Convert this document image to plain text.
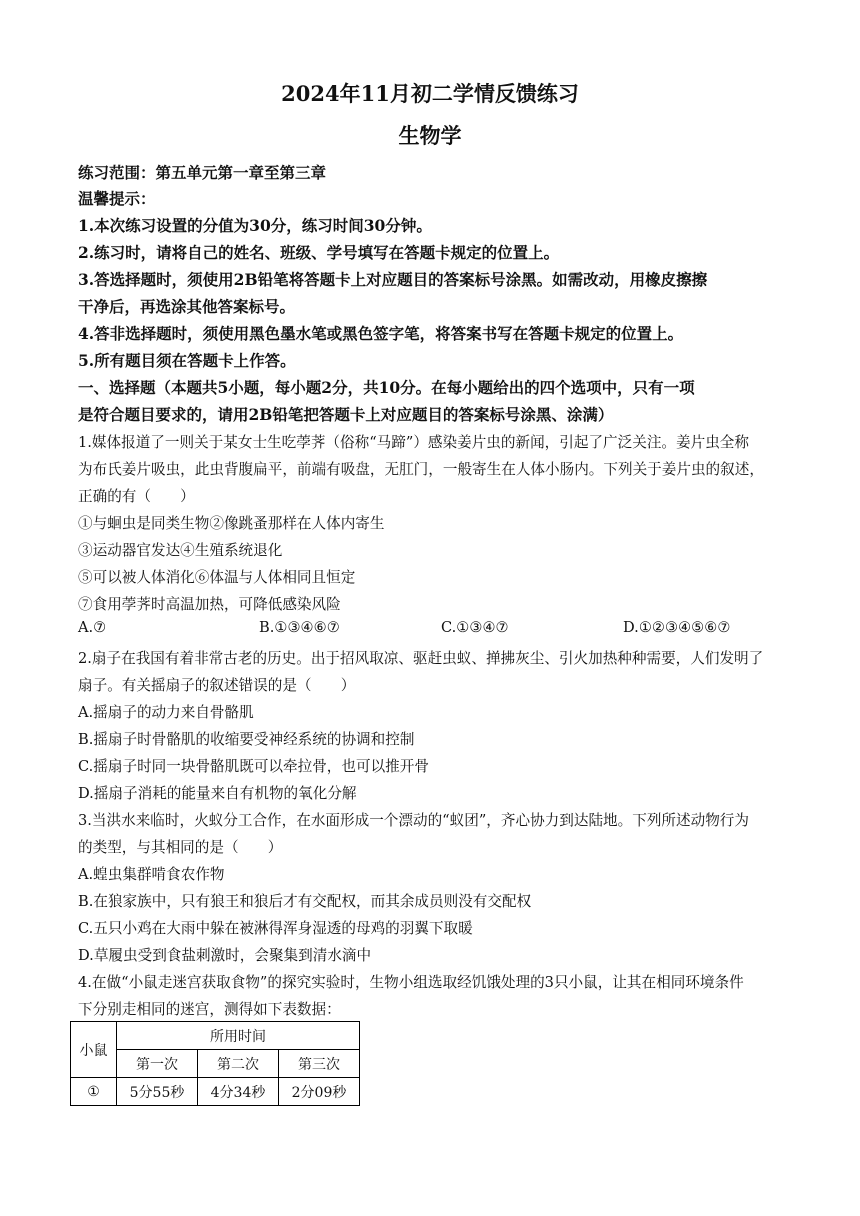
2024年11月初二学情反馈练习
生物学
练习范围：第五单元第一章至第三章
温馨提示：
1.本次练习设置的分值为30分，练习时间30分钟。
2.练习时，请将自己的姓名、班级、学号填写在答题卡规定的位置上。
3.答选择题时，须使用2B铅笔将答题卡上对应题目的答案标号涂黑。如需改动，用橡皮擦擦
干净后，再选涂其他答案标号。
4.答非选择题时，须使用黑色墨水笔或黑色签字笔，将答案书写在答题卡规定的位置上。
5.所有题目须在答题卡上作答。
一、选择题（本题共5小题，每小题2分，共10分。在每小题给出的四个选项中，只有一项
是符合题目要求的，请用2B铅笔把答题卡上对应题目的答案标号涂黑、涂满）
1.媒体报道了一则关于某女士生吃荸荠（俗称“马蹄”）感染姜片虫的新闻，引起了广泛关注。姜片虫全称
为布氏姜片吸虫，此虫背腹扁平，前端有吸盘，无肛门，一般寄生在人体小肠内。下列关于姜片虫的叙述，
正确的有（　　）
①与蛔虫是同类生物②像跳蚤那样在人体内寄生
③运动器官发达④生殖系统退化
⑤可以被人体消化⑥体温与人体相同且恒定
⑦食用荸荠时高温加热，可降低感染风险
A.⑦	B.①③④⑥⑦	C.①③④⑦	D.①②③④⑤⑥⑦
2.扇子在我国有着非常古老的历史。出于招风取凉、驱赶虫蚁、掸拂灰尘、引火加热种种需要，人们发明了
扇子。有关摇扇子的叙述错误的是（　　）
A.摇扇子的动力来自骨骼肌
B.摇扇子时骨骼肌的收缩要受神经系统的协调和控制
C.摇扇子时同一块骨骼肌既可以牵拉骨，也可以推开骨
D.摇扇子消耗的能量来自有机物的氧化分解
3.当洪水来临时，火蚁分工合作，在水面形成一个漂动的“蚁团”，齐心协力到达陆地。下列所述动物行为
的类型，与其相同的是（　　）
A.蝗虫集群啃食农作物
B.在狼家族中，只有狼王和狼后才有交配权，而其余成员则没有交配权
C.五只小鸡在大雨中躲在被淋得浑身湿透的母鸡的羽翼下取暖
D.草履虫受到食盐刺激时，会聚集到清水滴中
4.在做“小鼠走迷宫获取食物”的探究实验时，生物小组选取经饥饿处理的3只小鼠，让其在相同环境条件
下分别走相同的迷宫，测得如下表数据：
小鼠	所用时间		
	第一次	第二次	第三次
①	5分55秒	4分34秒	2分09秒
